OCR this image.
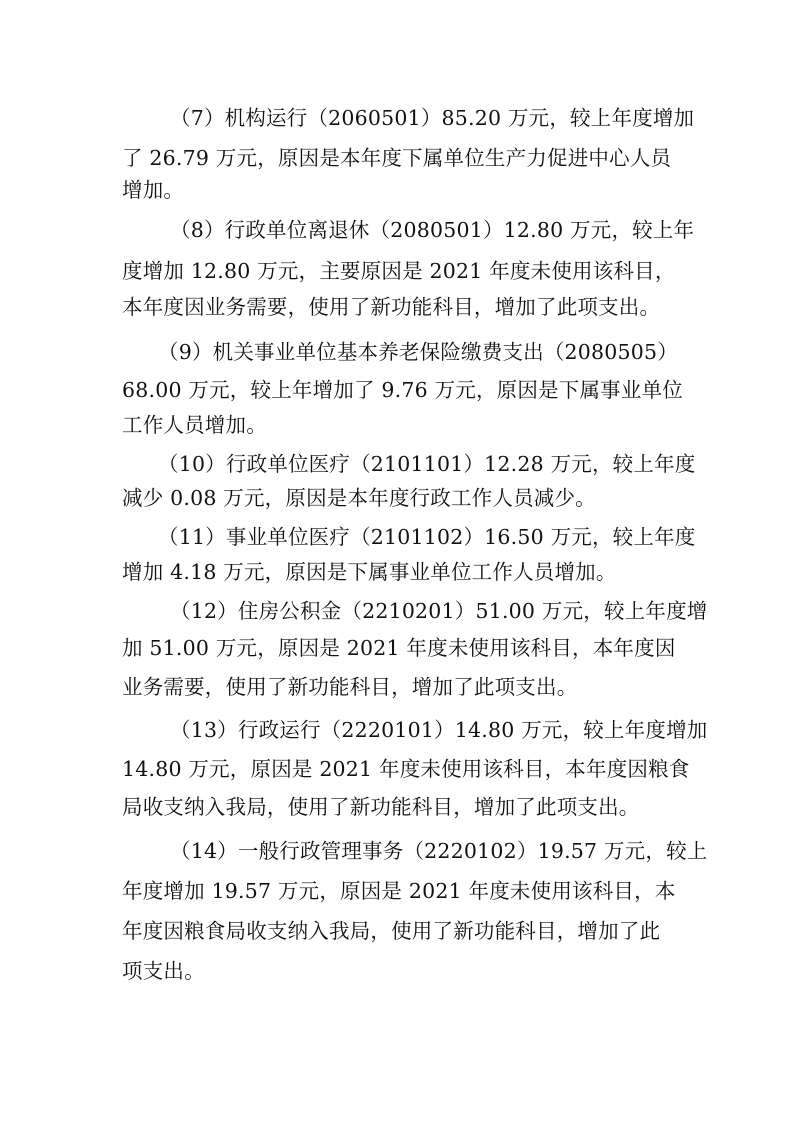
（7）机构运行（2060501）85.20 万元，较上年度增加
了 26.79 万元，原因是本年度下属单位生产力促进中心人员
增加。
（8）行政单位离退休（2080501）12.80 万元，较上年
度增加 12.80 万元，主要原因是 2021 年度未使用该科目，
本年度因业务需要，使用了新功能科目，增加了此项支出。
（9）机关事业单位基本养老保险缴费支出（2080505）
68.00 万元，较上年增加了 9.76 万元，原因是下属事业单位
工作人员增加。
（10）行政单位医疗（2101101）12.28 万元，较上年度
减少 0.08 万元，原因是本年度行政工作人员减少。
（11）事业单位医疗（2101102）16.50 万元，较上年度
增加 4.18 万元，原因是下属事业单位工作人员增加。
（12）住房公积金（2210201）51.00 万元，较上年度增
加 51.00 万元，原因是 2021 年度未使用该科目，本年度因
业务需要，使用了新功能科目，增加了此项支出。
（13）行政运行（2220101）14.80 万元，较上年度增加
14.80 万元，原因是 2021 年度未使用该科目，本年度因粮食
局收支纳入我局，使用了新功能科目，增加了此项支出。
（14）一般行政管理事务（2220102）19.57 万元，较上
年度增加 19.57 万元，原因是 2021 年度未使用该科目，本
年度因粮食局收支纳入我局，使用了新功能科目，增加了此
项支出。
